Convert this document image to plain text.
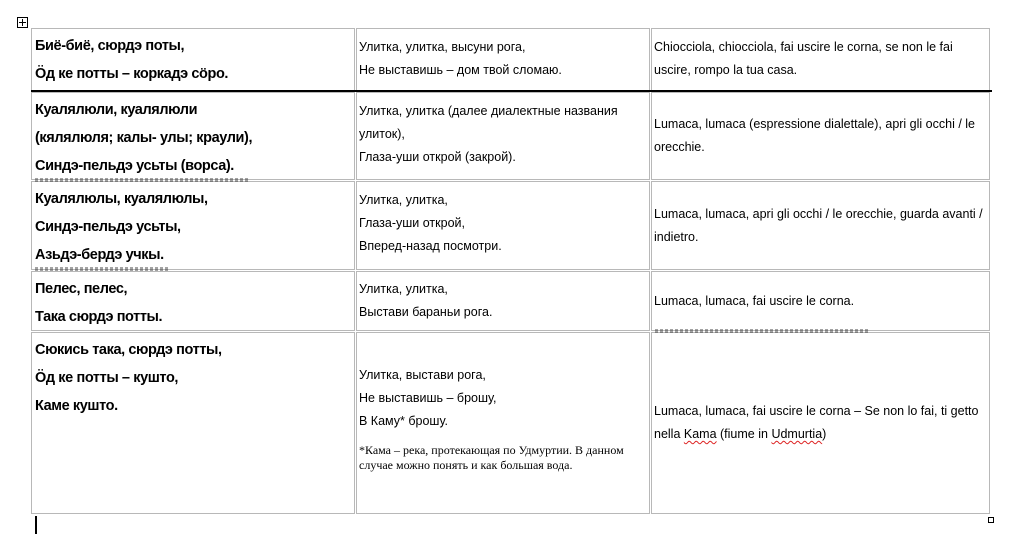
Биё-биё, сюрдэ поты,
Ӧд ке потты – коркадэ сӧро.
Улитка, улитка, высуни рога,
Не выставишь – дом твой сломаю.
Chiocciola, chiocciola, fai uscire le corna, se non le fai uscire, rompo la tua casa.
Куалялюли, куалялюли
(кялялюля; калы- улы; краули),
Синдэ-пельдэ усьты (ворса).
Улитка, улитка (далее диалектные названия улиток),
Глаза-уши открой (закрой).
Lumaca, lumaca (espressione dialettale), apri gli occhi / le orecchie.
Куалялюлы, куалялюлы,
Синдэ-пельдэ усьты,
Азьдэ-бердэ учкы.
Улитка, улитка,
Глаза-уши открой,
Вперед-назад посмотри.
Lumaca, lumaca, apri gli occhi / le orecchie, guarda avanti / indietro.
Пелес, пелес,
Така сюрдэ потты.
Улитка, улитка,
Выстави бараньи рога.
Lumaca, lumaca, fai uscire le corna.
Сюкись така, сюрдэ потты,
Ӧд ке потты – кушто,
Каме кушто.
Улитка, выстави рога,
Не выставишь – брошу,
В Каму* брошу.
*Кама – река, протекающая по Удмуртии. В данном случае можно понять и как большая вода.
Lumaca, lumaca, fai uscire le corna – Se non lo fai, ti getto nella Kama (fiume in Udmurtia)
